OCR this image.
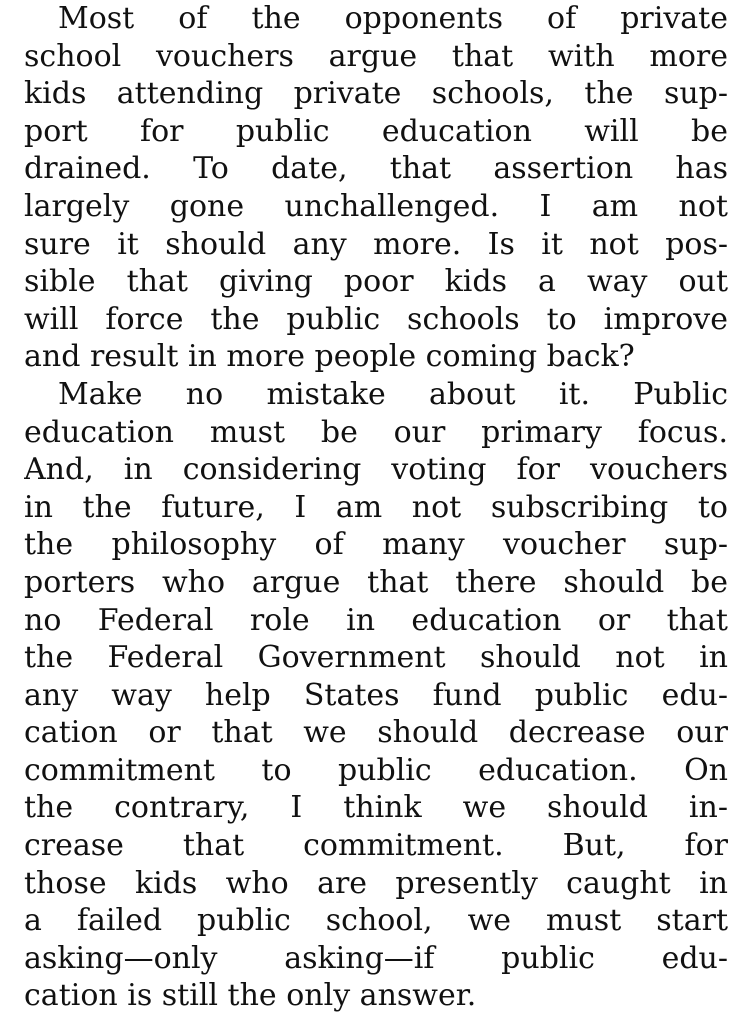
Most of the opponents of private
school vouchers argue that with more
kids attending private schools, the sup-
port for public education will be
drained. To date, that assertion has
largely gone unchallenged. I am not
sure it should any more. Is it not pos-
sible that giving poor kids a way out
will force the public schools to improve
and result in more people coming back?
Make no mistake about it. Public
education must be our primary focus.
And, in considering voting for vouchers
in the future, I am not subscribing to
the philosophy of many voucher sup-
porters who argue that there should be
no Federal role in education or that
the Federal Government should not in
any way help States fund public edu-
cation or that we should decrease our
commitment to public education. On
the contrary, I think we should in-
crease that commitment. But, for
those kids who are presently caught in
a failed public school, we must start
asking—only asking—if public edu-
cation is still the only answer.
